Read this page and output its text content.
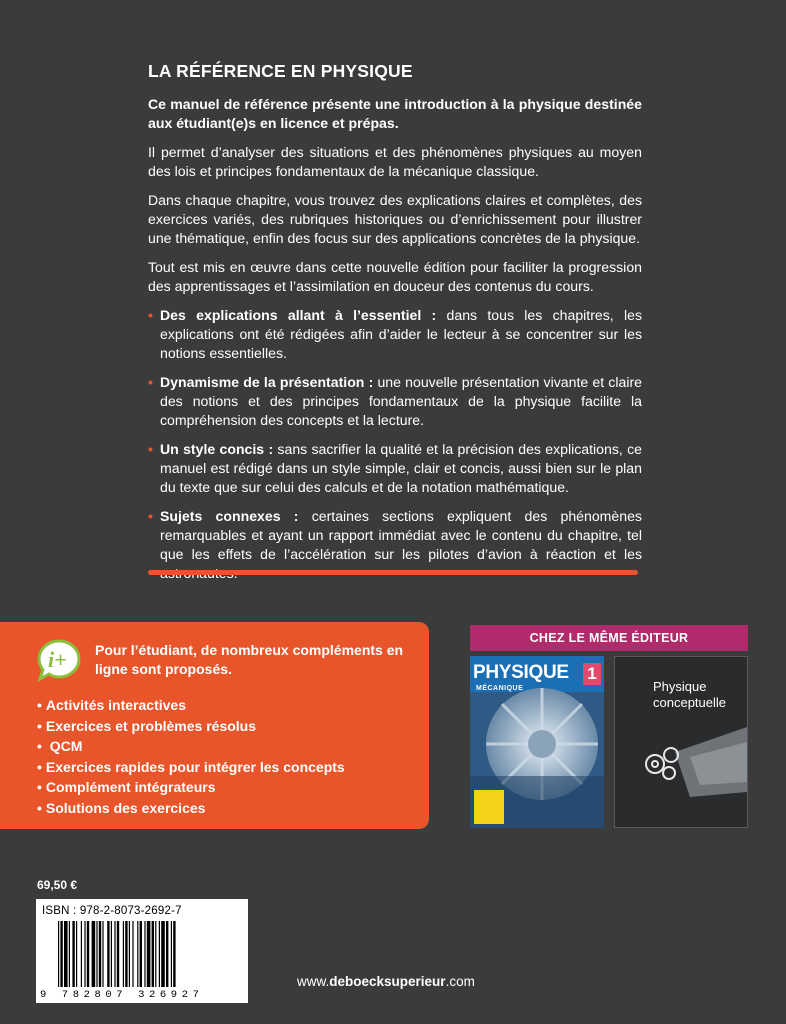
LA RÉFÉRENCE EN PHYSIQUE
Ce manuel de référence présente une introduction à la physique destinée aux étudiant(e)s en licence et prépas.
Il permet d’analyser des situations et des phénomènes physiques au moyen des lois et principes fondamentaux de la mécanique classique.
Dans chaque chapitre, vous trouvez des explications claires et complètes, des exercices variés, des rubriques historiques ou d’enrichissement pour illustrer une thématique, enfin des focus sur des applications concrètes de la physique.
Tout est mis en œuvre dans cette nouvelle édition pour faciliter la progression des apprentissages et l’assimilation en douceur des contenus du cours.
• Des explications allant à l’essentiel : dans tous les chapitres, les explications ont été rédigées afin d’aider le lecteur à se concentrer sur les notions essentielles.
• Dynamisme de la présentation : une nouvelle présentation vivante et claire des notions et des principes fondamentaux de la physique facilite la compréhension des concepts et la lecture.
• Un style concis : sans sacrifier la qualité et la précision des explications, ce manuel est rédigé dans un style simple, clair et concis, aussi bien sur le plan du texte que sur celui des calculs et de la notation mathématique.
• Sujets connexes : certaines sections expliquent des phénomènes remarquables et ayant un rapport immédiat avec le contenu du chapitre, tel que les effets de l’accélération sur les pilotes d’avion à réaction et les
i+ Pour l’étudiant, de nombreux compléments en ligne sont proposés.
• Activités interactives
• Exercices et problèmes résolus
• QCM
• Exercices rapides pour intégrer les concepts
• Complément intégrateurs
• Solutions des exercices
CHEZ LE MÊME ÉDITEUR
PHYSIQUE 1
MÉCANIQUE	Physique conceptuelle
69,50 €
ISBN : 978-2-8073-2692-7
9 782807 326927
www.deboecksuperieur.com
